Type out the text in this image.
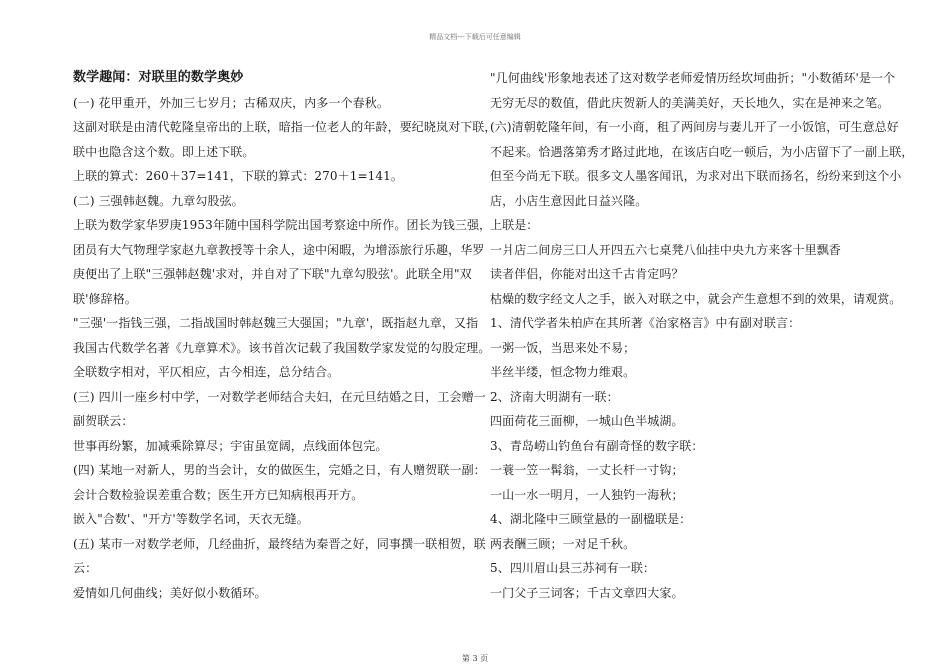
精品文档---下载后可任意编辑
数学趣闻：对联里的数学奥妙
(一) 花甲重开，外加三七岁月；古稀双庆，内多一个春秋。
这副对联是由清代乾隆皇帝出的上联，暗指一位老人的年龄，要纪晓岚对下联，
联中也隐含这个数。即上述下联。
上联的算式：260＋37=141，下联的算式：270＋1=141。
(二) 三强韩赵魏。九章勾股弦。
上联为数学家华罗庚1953年随中国科学院出国考察途中所作。团长为钱三强，
团员有大气物理学家赵九章教授等十余人，途中闲暇，为增添旅行乐趣，华罗
庚便出了上联"三强韩赵魏'求对，并自对了下联"九章勾股弦'。此联全用"双
联'修辞格。
"三强'一指钱三强，二指战国时韩赵魏三大强国；"九章'，既指赵九章，又指
我国古代数学名著《九章算术》。该书首次记载了我国数学家发觉的勾股定理。
全联数字相对，平仄相应，古今相连，总分结合。
(三) 四川一座乡村中学，一对数学老师结合夫妇，在元旦结婚之日，工会赠一
副贺联云：
世事再纷繁，加减乘除算尽；宇宙虽宽阔，点线面体包完。
(四) 某地一对新人，男的当会计，女的做医生，完婚之日，有人赠贺联一副：
会计合数检验误差重合数；医生开方已知病根再开方。
嵌入"合数'、"开方'等数学名词，天衣无缝。
(五) 某市一对数学老师，几经曲折，最终结为秦晋之好，同事撰一联相贺，联
云：
爱情如几何曲线；美好似小数循环。
"几何曲线'形象地表述了这对数学老师爱情历经坎坷曲折；"小数循环'是一个
无穷无尽的数值，借此庆贺新人的美满美好，天长地久，实在是神来之笔。
(六)清朝乾隆年间，有一小商，租了两间房与妻儿开了一小饭馆，可生意总好
不起来。恰遇落第秀才路过此地，在该店白吃一顿后，为小店留下了一副上联，
但至今尚无下联。很多文人墨客闻讯，为求对出下联而扬名，纷纷来到这个小
店，小店生意因此日益兴隆。
上联是：
一爿店二间房三口人开四五六七桌凳八仙挂中央九方来客十里飘香
读者伴侣，你能对出这千古肯定吗？
枯燥的数字经文人之手，嵌入对联之中，就会产生意想不到的效果，请观赏。
1、清代学者朱柏庐在其所著《治家格言》中有副对联言：
一粥一饭，当思来处不易；
半丝半缕，恒念物力维艰。
2、济南大明湖有一联：
四面荷花三面柳，一城山色半城湖。
3、青岛崂山钓鱼台有副奇怪的数字联：
一蓑一笠一髯翁，一丈长杆一寸钩；
一山一水一明月，一人独钓一海秋；
4、湖北隆中三顾堂悬的一副楹联是：
两表酬三顾；一对足千秋。
5、四川眉山县三苏祠有一联：
一门父子三词客；千古文章四大家。
第 3 页
